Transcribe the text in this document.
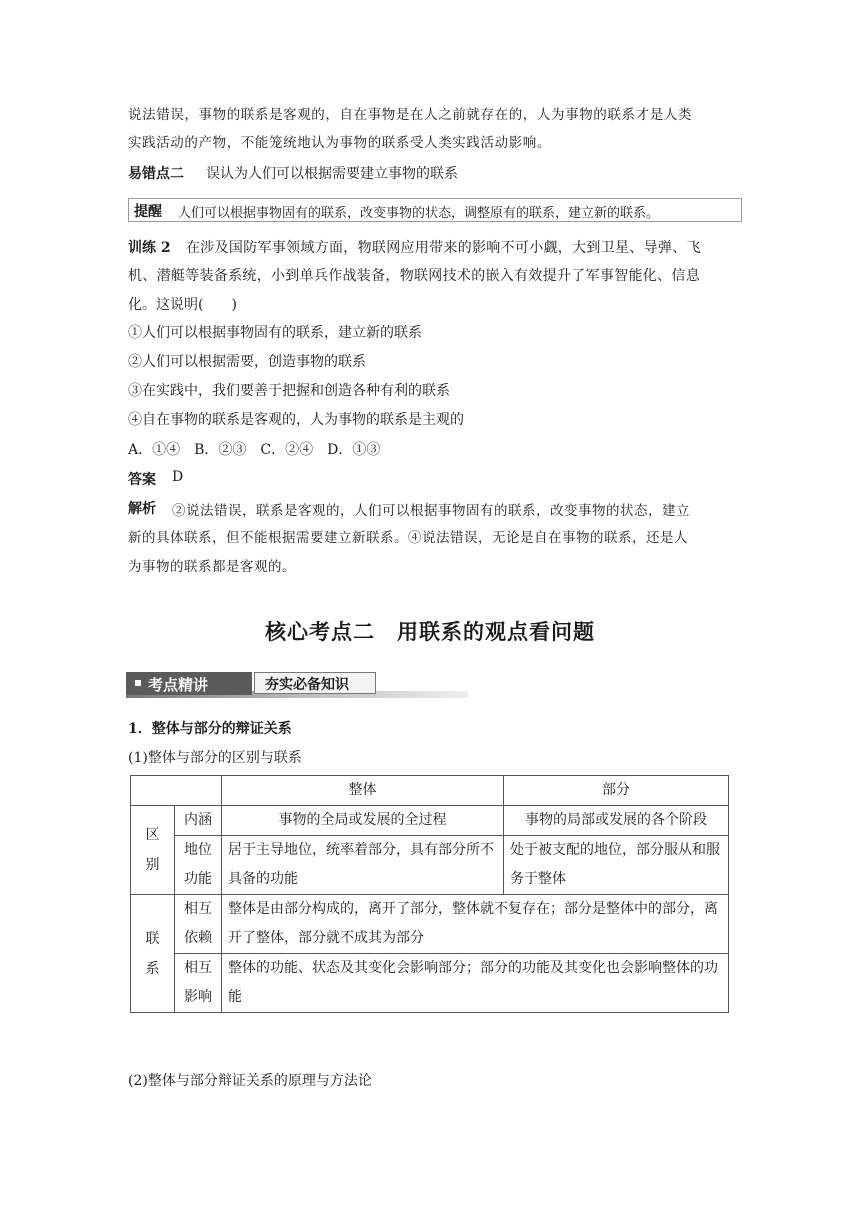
说法错误，事物的联系是客观的，自在事物是在人之前就存在的，人为事物的联系才是人类
实践活动的产物，不能笼统地认为事物的联系受人类实践活动影响。
易错点二 误认为人们可以根据需要建立事物的联系
提醒 人们可以根据事物固有的联系，改变事物的状态，调整原有的联系，建立新的联系。
训练 2 在涉及国防军事领域方面，物联网应用带来的影响不可小觑，大到卫星、导弹、飞
机、潜艇等装备系统，小到单兵作战装备，物联网技术的嵌入有效提升了军事智能化、信息
化。这说明(　　)
①人们可以根据事物固有的联系，建立新的联系
②人们可以根据需要，创造事物的联系
③在实践中，我们要善于把握和创造各种有利的联系
④自在事物的联系是客观的，人为事物的联系是主观的
A．①④　B．②③　C．②④　D．①③
答案 D
解析 ②说法错误，联系是客观的，人们可以根据事物固有的联系，改变事物的状态，建立
新的具体联系，但不能根据需要建立新联系。④说法错误，无论是自在事物的联系，还是人
为事物的联系都是客观的。
核心考点二　用联系的观点看问题
考点精讲	夯实必备知识
1．整体与部分的辩证关系
(1)整体与部分的区别与联系
		整体	部分
区别	内涵	事物的全局或发展的全过程	事物的局部或发展的各个阶段
	地位功能	居于主导地位，统率着部分，具有部分所不具备的功能	处于被支配的地位，部分服从和服务于整体
联系	相互依赖	整体是由部分构成的，离开了部分，整体就不复存在；部分是整体中的部分，离开了整体，部分就不成其为部分	
	相互影响	整体的功能、状态及其变化会影响部分；部分的功能及其变化也会影响整体的功能	
(2)整体与部分辩证关系的原理与方法论
